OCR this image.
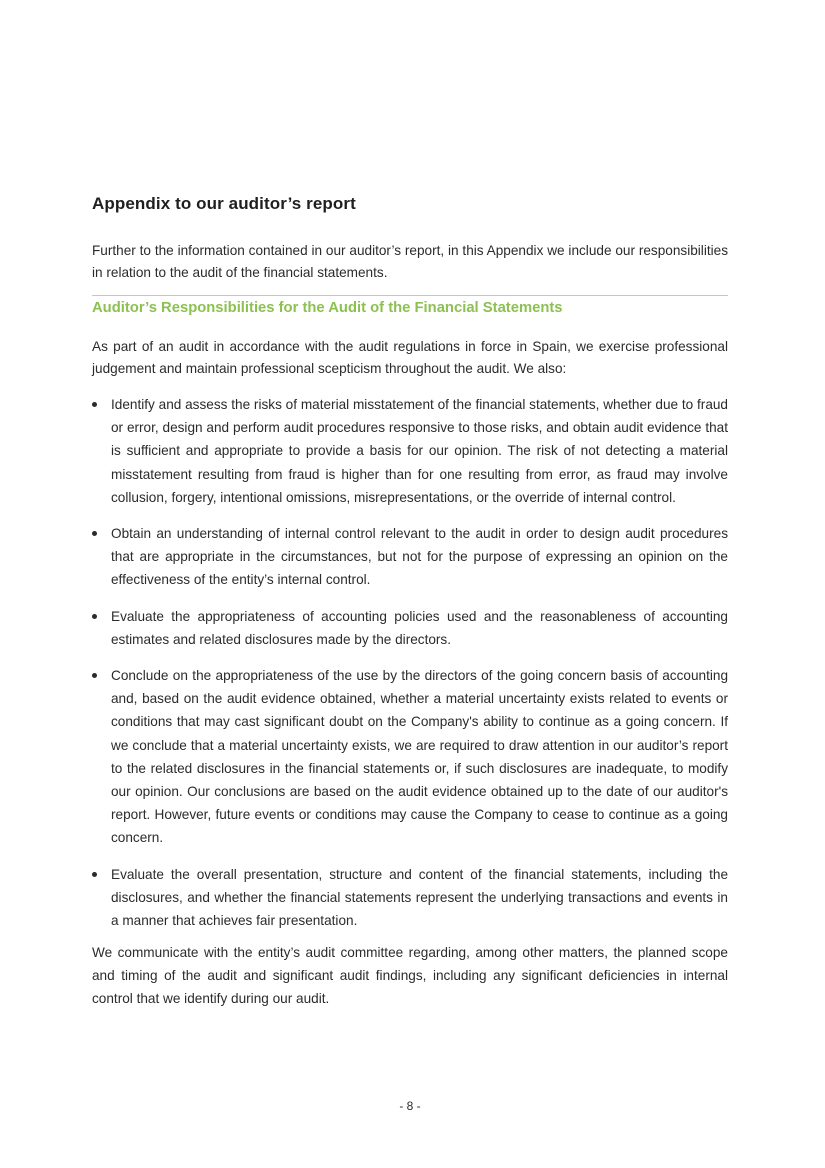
Appendix to our auditor’s report

Further to the information contained in our auditor’s report, in this Appendix we include our responsibilities in relation to the audit of the financial statements.

Auditor’s Responsibilities for the Audit of the Financial Statements

As part of an audit in accordance with the audit regulations in force in Spain, we exercise professional judgement and maintain professional scepticism throughout the audit. We also:

Identify and assess the risks of material misstatement of the financial statements, whether due to fraud or error, design and perform audit procedures responsive to those risks, and obtain audit evidence that is sufficient and appropriate to provide a basis for our opinion. The risk of not detecting a material misstatement resulting from fraud is higher than for one resulting from error, as fraud may involve collusion, forgery, intentional omissions, misrepresentations, or the override of internal control.
Obtain an understanding of internal control relevant to the audit in order to design audit procedures that are appropriate in the circumstances, but not for the purpose of expressing an opinion on the effectiveness of the entity’s internal control.
Evaluate the appropriateness of accounting policies used and the reasonableness of accounting estimates and related disclosures made by the directors.
Conclude on the appropriateness of the use by the directors of the going concern basis of accounting and, based on the audit evidence obtained, whether a material uncertainty exists related to events or conditions that may cast significant doubt on the Company's ability to continue as a going concern. If we conclude that a material uncertainty exists, we are required to draw attention in our auditor’s report to the related disclosures in the financial statements or, if such disclosures are inadequate, to modify our opinion. Our conclusions are based on the audit evidence obtained up to the date of our auditor's report. However, future events or conditions may cause the Company to cease to continue as a going concern.
Evaluate the overall presentation, structure and content of the financial statements, including the disclosures, and whether the financial statements represent the underlying transactions and events in a manner that achieves fair presentation.

We communicate with the entity’s audit committee regarding, among other matters, the planned scope and timing of the audit and significant audit findings, including any significant deficiencies in internal control that we identify during our audit.

- 8 -
